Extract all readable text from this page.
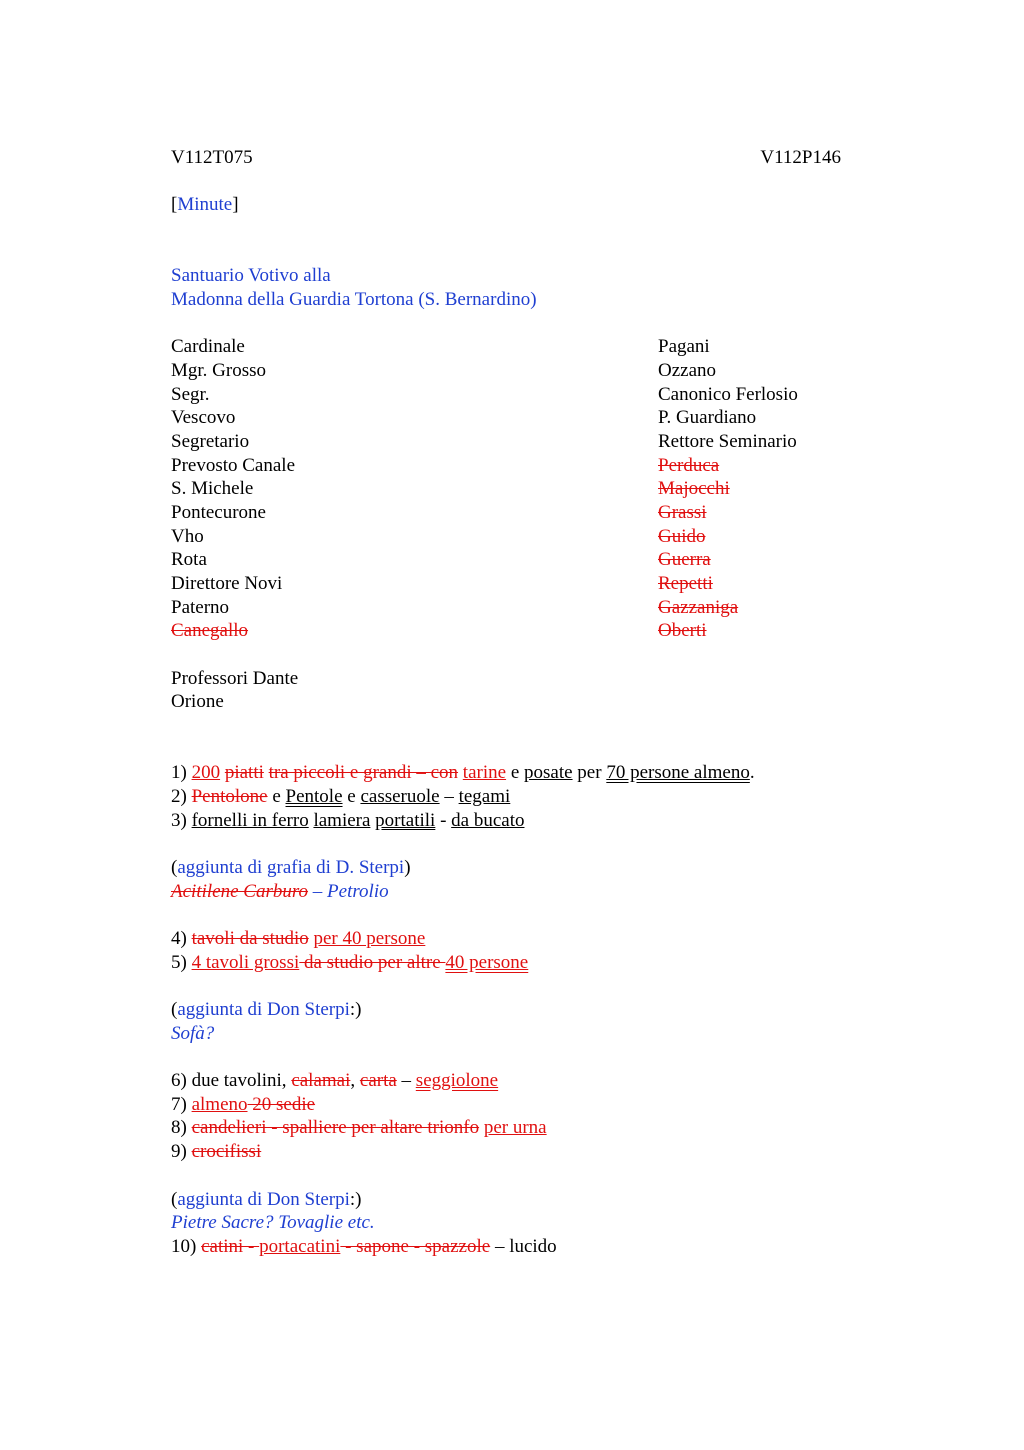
V112T075	V112P146
[Minute]
Santuario Votivo alla
Madonna della Guardia Tortona (S. Bernardino)
Cardinale
Mgr. Grosso
Segr.
Vescovo
Segretario
Prevosto Canale
S. Michele
Pontecurone
Vho
Rota
Direttore Novi
Paterno
Canegallo
Pagani
Ozzano
Canonico Ferlosio
P. Guardiano
Rettore Seminario
Perduca
Majocchi
Grassi
Guido
Guerra
Repetti
Gazzaniga
Oberti
Professori Dante
Orione
1) 200 piatti tra piccoli e grandi – con tarine e posate per 70 persone almeno.
2) Pentolone e Pentole e casseruole – tegami
3) fornelli in ferro lamiera portatili - da bucato
(aggiunta di grafia di D. Sterpi)
Acitilene Carburo – Petrolio
4) tavoli da studio per 40 persone
5) 4 tavoli grossi da studio per altre 40 persone
(aggiunta di Don Sterpi:)
Sofà?
6) due tavolini, calamai, carta – seggiolone
7) almeno 20 sedie
8) candelieri - spalliere per altare trionfo per urna
9) crocifissi
(aggiunta di Don Sterpi:)
Pietre Sacre? Tovaglie etc.
10) catini - portacatini - sapone - spazzole – lucido
